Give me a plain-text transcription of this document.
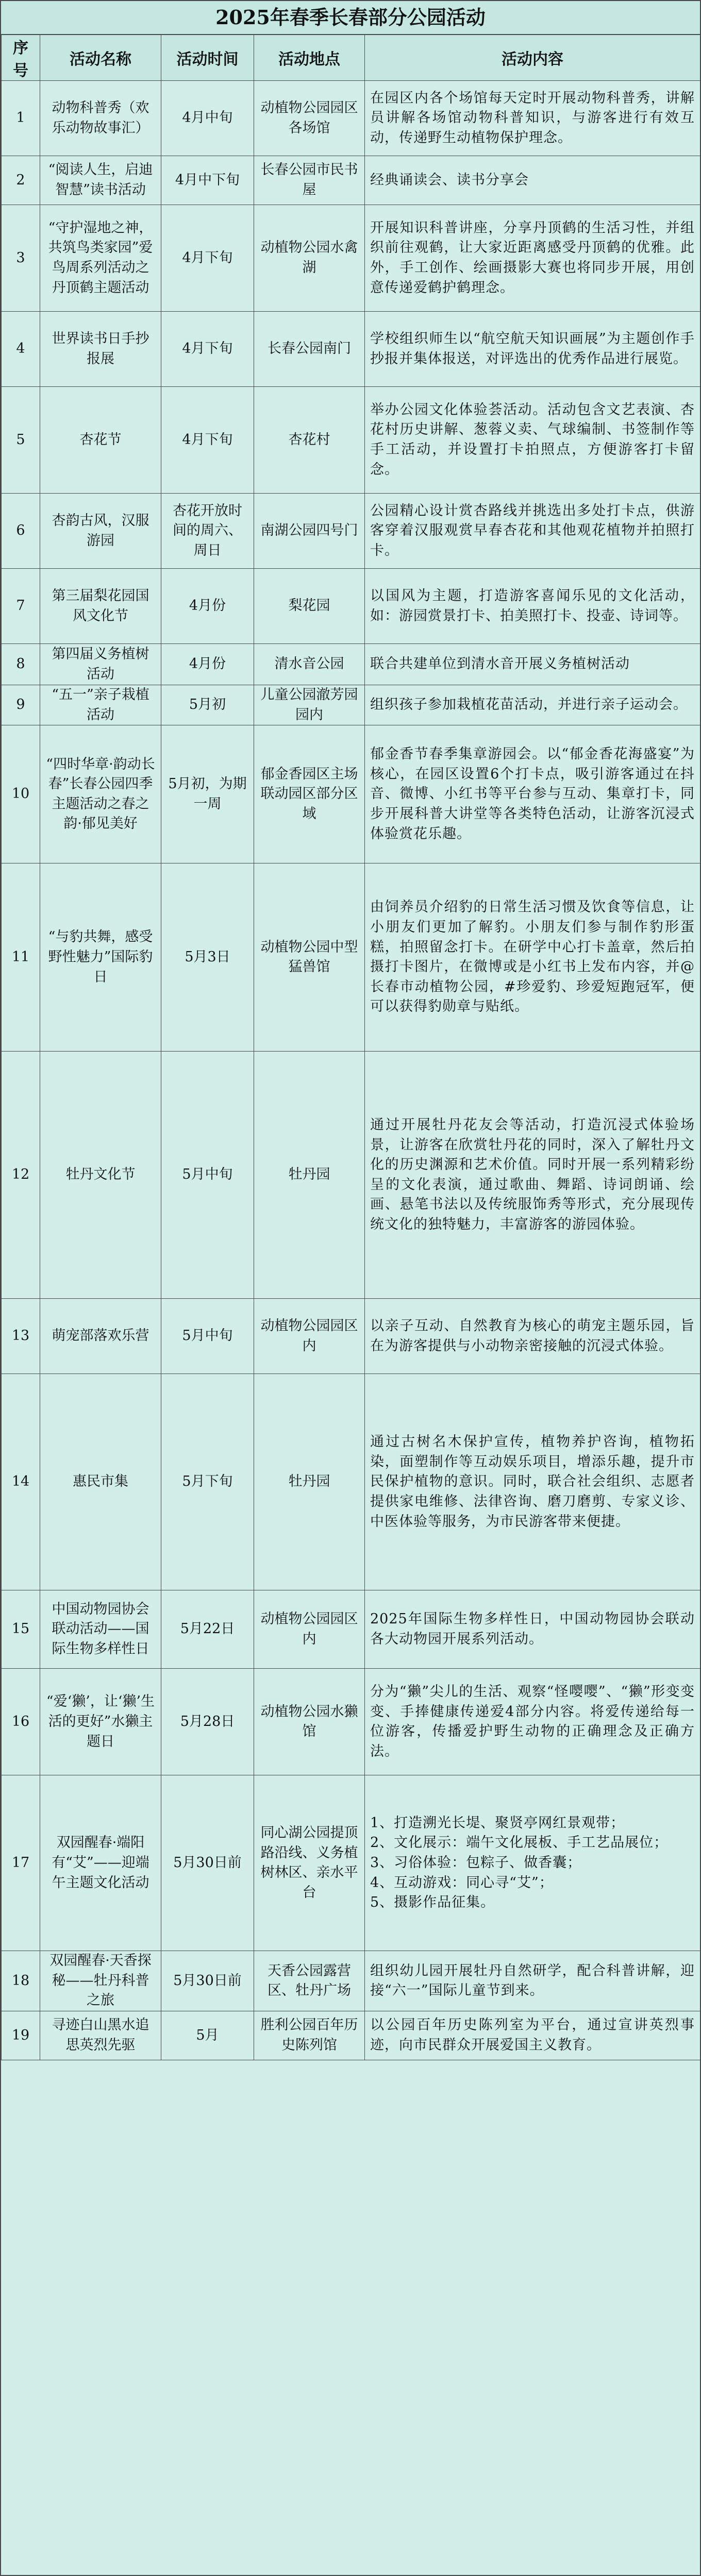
2025年春季长春部分公园活动
序号	活动名称	活动时间	活动地点	活动内容
1	动物科普秀（欢乐动物故事汇）	4月中旬	动植物公园园区各场馆	在园区内各个场馆每天定时开展动物科普秀，讲解员讲解各场馆动物科普知识，与游客进行有效互动，传递野生动植物保护理念。
2	“阅读人生，启迪智慧”读书活动	4月中下旬	长春公园市民书屋	经典诵读会、读书分享会
3	“守护湿地之神，共筑鸟类家园”爱鸟周系列活动之丹顶鹤主题活动	4月下旬	动植物公园水禽湖	开展知识科普讲座，分享丹顶鹤的生活习性，并组织前往观鹤，让大家近距离感受丹顶鹤的优雅。此外，手工创作、绘画摄影大赛也将同步开展，用创意传递爱鹤护鹤理念。
4	世界读书日手抄报展	4月下旬	长春公园南门	学校组织师生以“航空航天知识画展”为主题创作手抄报并集体报送，对评选出的优秀作品进行展览。
5	杏花节	4月下旬	杏花村	举办公园文化体验荟活动。活动包含文艺表演、杏花村历史讲解、葱蓉义卖、气球编制、书签制作等手工活动，并设置打卡拍照点，方便游客打卡留念。
6	杏韵古风，汉服游园	杏花开放时间的周六、周日	南湖公园四号门	公园精心设计赏杏路线并挑选出多处打卡点，供游客穿着汉服观赏早春杏花和其他观花植物并拍照打卡。
7	第三届梨花园国风文化节	4月份	梨花园	以国风为主题，打造游客喜闻乐见的文化活动，如：游园赏景打卡、拍美照打卡、投壶、诗词等。
8	第四届义务植树活动	4月份	清水音公园	联合共建单位到清水音开展义务植树活动
9	“五一”亲子栽植活动	5月初	儿童公园澈芳园园内	组织孩子参加栽植花苗活动，并进行亲子运动会。
10	“四时华章·韵动长春”长春公园四季主题活动之春之韵·郁见美好	5月初，为期一周	郁金香园区主场联动园区部分区域	郁金香节春季集章游园会。以“郁金香花海盛宴”为核心，在园区设置6个打卡点，吸引游客通过在抖音、微博、小红书等平台参与互动、集章打卡，同步开展科普大讲堂等各类特色活动，让游客沉浸式体验赏花乐趣。
11	“与豹共舞，感受野性魅力”国际豹日	5月3日	动植物公园中型猛兽馆	由饲养员介绍豹的日常生活习惯及饮食等信息，让小朋友们更加了解豹。小朋友们参与制作豹形蛋糕，拍照留念打卡。在研学中心打卡盖章，然后拍摄打卡图片，在微博或是小红书上发布内容，并@长春市动植物公园，#珍爱豹、珍爱短跑冠军，便可以获得豹勋章与贴纸。
12	牡丹文化节	5月中旬	牡丹园	通过开展牡丹花友会等活动，打造沉浸式体验场景，让游客在欣赏牡丹花的同时，深入了解牡丹文化的历史渊源和艺术价值。同时开展一系列精彩纷呈的文化表演，通过歌曲、舞蹈、诗词朗诵、绘画、悬笔书法以及传统服饰秀等形式，充分展现传统文化的独特魅力，丰富游客的游园体验。
13	萌宠部落欢乐营	5月中旬	动植物公园园区内	以亲子互动、自然教育为核心的萌宠主题乐园，旨在为游客提供与小动物亲密接触的沉浸式体验。
14	惠民市集	5月下旬	牡丹园	通过古树名木保护宣传，植物养护咨询，植物拓染，面塑制作等互动娱乐项目，增添乐趣，提升市民保护植物的意识。同时，联合社会组织、志愿者提供家电维修、法律咨询、磨刀磨剪、专家义诊、中医体验等服务，为市民游客带来便捷。
15	中国动物园协会联动活动——国际生物多样性日	5月22日	动植物公园园区内	2025年国际生物多样性日，中国动物园协会联动各大动物园开展系列活动。
16	“爱‘獭’，让‘獭’生活的更好”水獭主题日	5月28日	动植物公园水獭馆	分为“獭”尖儿的生活、观察“怪嘤嘤”、“獭”形变变变、手捧健康传递爱4部分内容。将爱传递给每一位游客，传播爱护野生动物的正确理念及正确方法。
17	双园醒春·端阳有“艾”——迎端午主题文化活动	5月30日前	同心湖公园提顶路沿线、义务植树林区、亲水平台	1、打造溯光长堤、聚贤亭网红景观带；
2、文化展示：端午文化展板、手工艺品展位；
3、习俗体验：包粽子、做香囊；
4、互动游戏：同心寻“艾”；
5、摄影作品征集。
18	双园醒春·天香探秘——牡丹科普之旅	5月30日前	天香公园露营区、牡丹广场	组织幼儿园开展牡丹自然研学，配合科普讲解，迎接“六一”国际儿童节到来。
19	寻迹白山黑水追思英烈先驱	5月	胜利公园百年历史陈列馆	以公园百年历史陈列室为平台，通过宣讲英烈事迹，向市民群众开展爱国主义教育。
